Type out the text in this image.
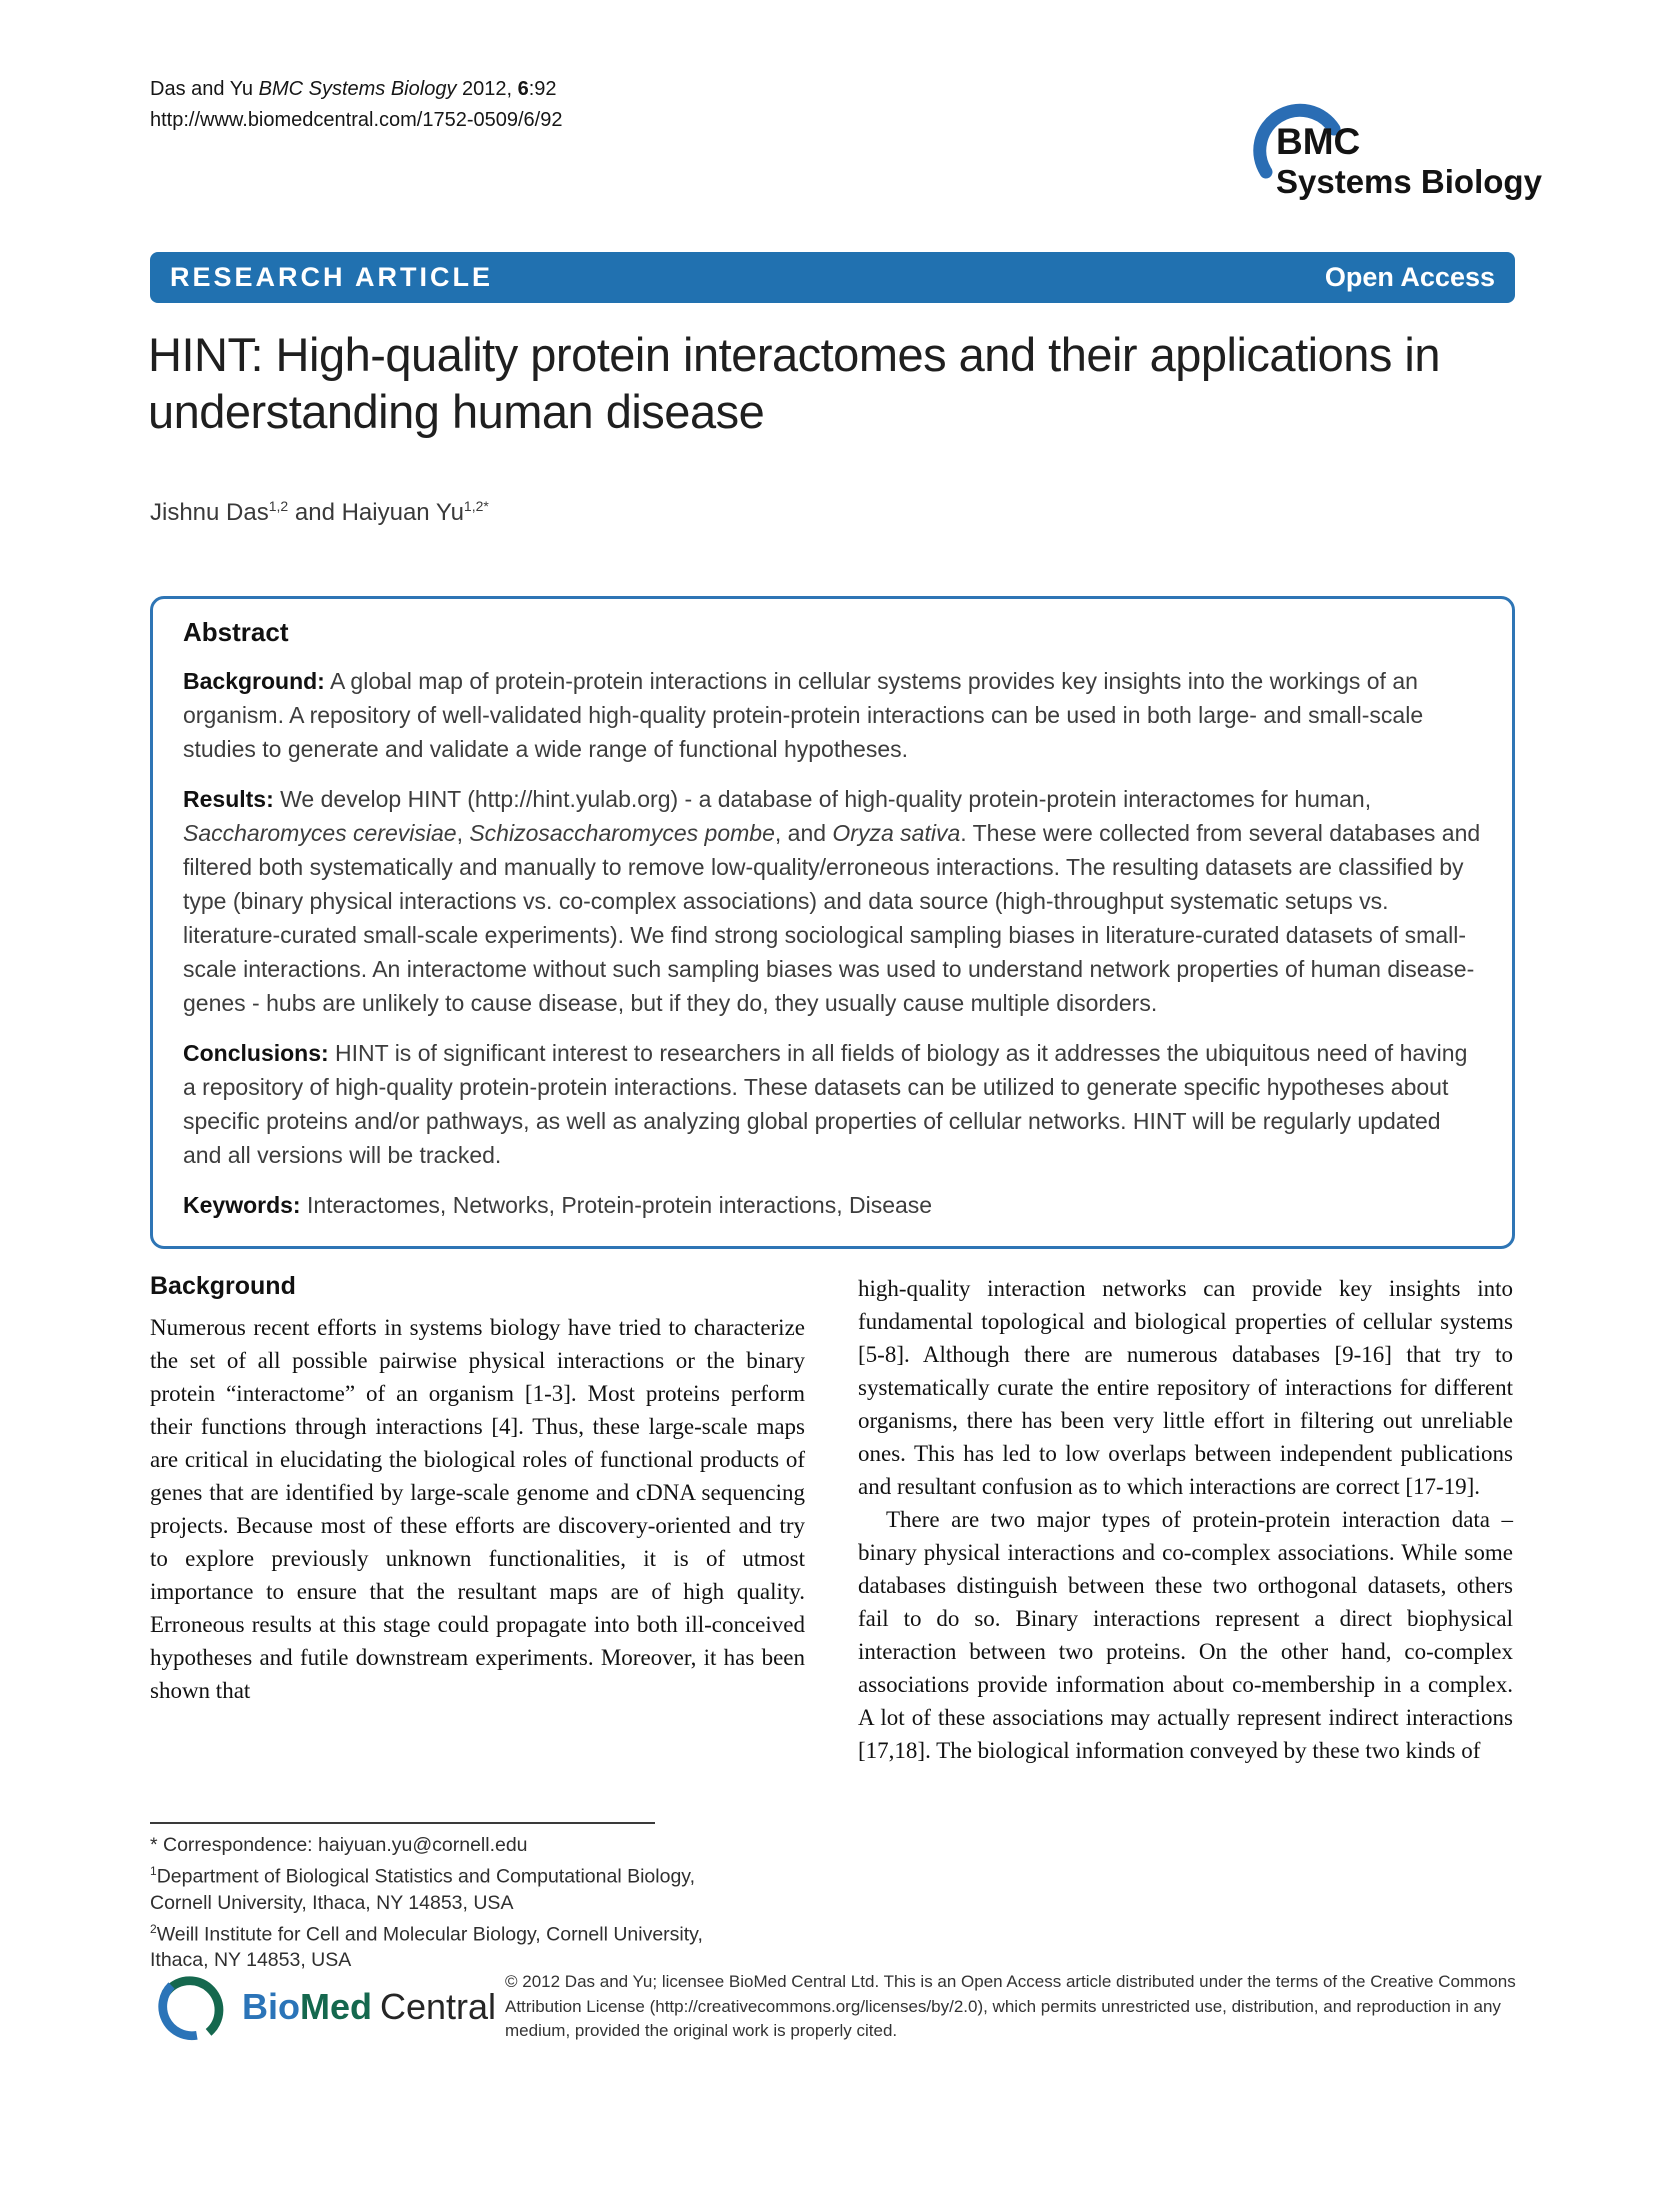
Das and Yu BMC Systems Biology 2012, 6:92
http://www.biomedcentral.com/1752-0509/6/92
BMC
Systems Biology
RESEARCH ARTICLE	Open Access
HINT: High-quality protein interactomes and their applications in understanding human disease
Jishnu Das$^{1,2}$ and Haiyuan $Yu^{1,2*}$
Abstract

Background: A global map of protein-protein interactions in cellular systems provides key insights into the workings of an organism. A repository of well-validated high-quality protein-protein interactions can be used in both large- and small-scale studies to generate and validate a wide range of functional hypotheses.

Results: We develop HINT (http://hint.yulab.org) - a database of high-quality protein-protein interactomes for human, Saccharomyces cerevisiae, Schizosaccharomyces pombe, and Oryza sativa. These were collected from several databases and filtered both systematically and manually to remove low-quality/erroneous interactions. The resulting datasets are classified by type (binary physical interactions vs. co-complex associations) and data source (high-throughput systematic setups vs. literature-curated small-scale experiments). We find strong sociological sampling biases in literature-curated datasets of small-scale interactions. An interactome without such sampling biases was used to understand network properties of human disease-genes - hubs are unlikely to cause disease, but if they do, they usually cause multiple disorders.

Conclusions: HINT is of significant interest to researchers in all fields of biology as it addresses the ubiquitous need of having a repository of high-quality protein-protein interactions. These datasets can be utilized to generate specific hypotheses about specific proteins and/or pathways, as well as analyzing global properties of cellular networks. HINT will be regularly updated and all versions will be tracked.

Keywords: Interactomes, Networks, Protein-protein interactions, Disease

Background

Numerous recent efforts in systems biology have tried to characterize the set of all possible pairwise physical interactions or the binary protein “interactome” of an organism [1-3]. Most proteins perform their functions through interactions [4]. Thus, these large-scale maps are critical in elucidating the biological roles of functional products of genes that are identified by large-scale genome and cDNA sequencing projects. Because most of these efforts are discovery-oriented and try to explore previously unknown functionalities, it is of utmost importance to ensure that the resultant maps are of high quality. Erroneous results at this stage could propagate into both ill-conceived hypotheses and futile downstream experiments. Moreover, it has been shown that

high-quality interaction networks can provide key insights into fundamental topological and biological properties of cellular systems [5-8]. Although there are numerous databases [9-16] that try to systematically curate the entire repository of interactions for different organisms, there has been very little effort in filtering out unreliable ones. This has led to low overlaps between independent publications and resultant confusion as to which interactions are correct [17-19].

There are two major types of protein-protein interaction data – binary physical interactions and co-complex associations. While some databases distinguish between these two orthogonal datasets, others fail to do so. Binary interactions represent a direct biophysical interaction between two proteins. On the other hand, co-complex associations provide information about co-membership in a complex. A lot of these associations may actually represent indirect interactions [17,18]. The biological information conveyed by these two kinds of

* Correspondence: haiyuan.yu@cornell.edu
$^1$Department of Biological Statistics and Computational Biology, Cornell University, Ithaca, NY 14853, USA
$^2$Weill Institute for Cell and Molecular Biology, Cornell University, Ithaca, NY 14853, USA
BioMed Central

© 2012 Das and Yu; licensee BioMed Central Ltd. This is an Open Access article distributed under the terms of the Creative Commons Attribution License (http://creativecommons.org/licenses/by/2.0), which permits unrestricted use, distribution, and reproduction in any medium, provided the original work is properly cited.
